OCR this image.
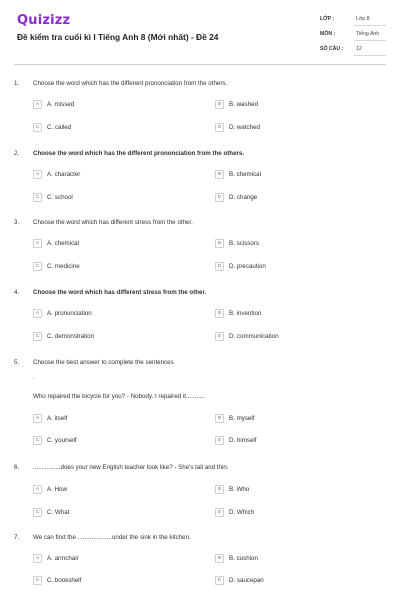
Quizizz
Đề kiểm tra cuối kì I Tiếng Anh 8 (Mới nhất) - Đề 24
LỚP :	Lớp 8
MÔN :	Tiếng Anh
SỐ CÂU : 12
1. Choose the word which has the different prononciation from the others.
A	A. missed	B	B. washed
C	C. called	D	D. watched
2. Choose the word which has the different prononciation from the others.
A	A. character	B	B. chemical
C	C. school	D	D. change
3. Choose the word which has different stress from the other.
A	A. chemical	B	B. scissors
C	C. medicine	D	D. precaution
4. Choose the word which has different stress from the other.
A	A. pronunciation	B	B. invention
C	C. demonstration	D	D. communication
5. Choose the best answer to complete the sentences
.
Who repaired the bicycle for you? - Nobody. I repaired it...........
A	A. itself	B	B. myself
C	C. yourself	D	D. himself
6. ................does your new English teacher look like? - She's tall and thin.
A	A. How	B	B. Who
C	C. What	D	D. Which
7. We can find the ....................under the sink in the kitchen.
A	A. armchair	B	B. cushion
C	C. bookshelf	D	D. saucepan
